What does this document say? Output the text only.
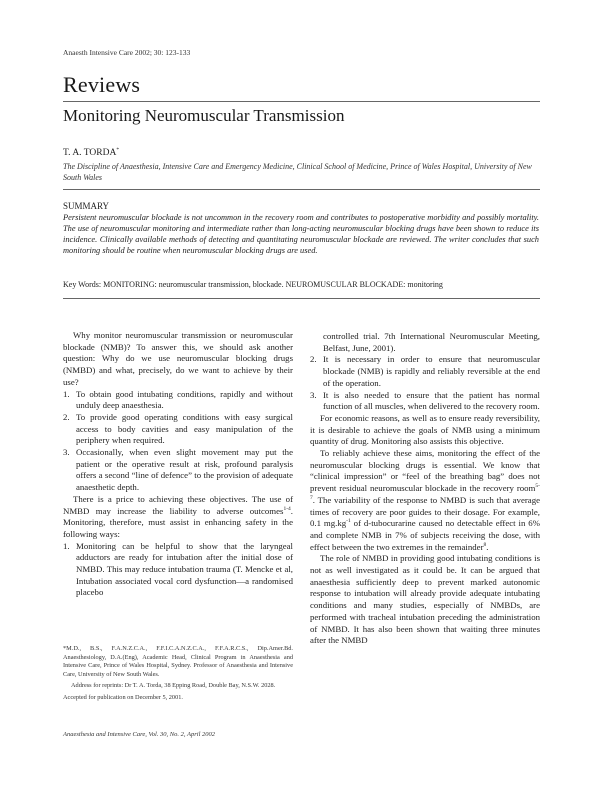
Anaesth Intensive Care 2002; 30: 123-133
Reviews
Monitoring Neuromuscular Transmission
T. A. TORDA*
The Discipline of Anaesthesia, Intensive Care and Emergency Medicine, Clinical School of Medicine, Prince of Wales Hospital, University of New South Wales
SUMMARY
Persistent neuromuscular blockade is not uncommon in the recovery room and contributes to postoperative morbidity and possibly mortality. The use of neuromuscular monitoring and intermediate rather than long-acting neuromuscular blocking drugs have been shown to reduce its incidence. Clinically available methods of detecting and quantitating neuromuscular blockade are reviewed. The writer concludes that such monitoring should be routine when neuromuscular blocking drugs are used.
Key Words: MONITORING: neuromuscular transmission, blockade. NEUROMUSCULAR BLOCKADE: monitoring

Why monitor neuromuscular transmission or neuromuscular blockade (NMB)? To answer this, we should ask another question: Why do we use neuromuscular blocking drugs (NMBD) and what, precisely, do we want to achieve by their use?

1. To obtain good intubating conditions, rapidly and without unduly deep anaesthesia.

2. To provide good operating conditions with easy surgical access to body cavities and easy manipulation of the periphery when required.

3. Occasionally, when even slight movement may put the patient or the operative result at risk, profound paralysis offers a second “line of defence” to the provision of adequate anaesthetic depth.

There is a price to achieving these objectives. The use of NMBD may increase the liability to adverse outcomes$^{1-4}$. Monitoring, therefore, must assist in enhancing safety in the following ways:

1. Monitoring can be helpful to show that the laryngeal adductors are ready for intubation after the initial dose of NMBD. This may reduce intubation trauma (T. Mencke et al, Intubation associated vocal cord dysfunction—a randomised placebo

controlled trial. 7th International Neuromuscular Meeting, Belfast, June, 2001).

2. It is necessary in order to ensure that neuromuscular blockade (NMB) is rapidly and reliably reversible at the end of the operation.

3. It is also needed to ensure that the patient has normal function of all muscles, when delivered to the recovery room.

For economic reasons, as well as to ensure ready reversibility, it is desirable to achieve the goals of NMB using a minimum quantity of drug. Monitoring also assists this objective.

To reliably achieve these aims, monitoring the effect of the neuromuscular blocking drugs is essential. We know that “clinical impression” or “feel of the breathing bag” does not prevent residual neuromuscular blockade in the recovery room$^{5-7}$. The variability of the response to NMBD is such that average times of recovery are poor guides to their dosage. For example, 0.1 $mg.kg^{-1}$ of d-tubocurarine caused no detectable effect in 6% and complete NMB in 7% of subjects receiving the dose, with effect between the two extremes in the remainder$^8$.

The role of NMBD in providing good intubating conditions is not as well investigated as it could be. It can be argued that anaesthesia sufficiently deep to prevent marked autonomic response to intubation will already provide adequate intubating conditions and many studies, especially of NMBDs, are performed with tracheal intubation preceding the administration of NMBD. It has also been shown that waiting three minutes after the NMBD

*M.D., B.S., F.A.N.Z.C.A., F.F.I.C.A.N.Z.C.A., F.F.A.R.C.S., Dip.Amer.Bd. Anaesthesiology, D.A.(Eng), Academic Head, Clinical Program in Anaesthesia and Intensive Care, Prince of Wales Hospital, Sydney. Professor of Anaesthesia and Intensive Care, University of New South Wales.

Address for reprints: Dr T. A. Torda, 38 Epping Road, Double Bay, N.S.W. 2028.

Accepted for publication on December 5, 2001.

Anaesthesia and Intensive Care, Vol. 30, No. 2, April 2002
